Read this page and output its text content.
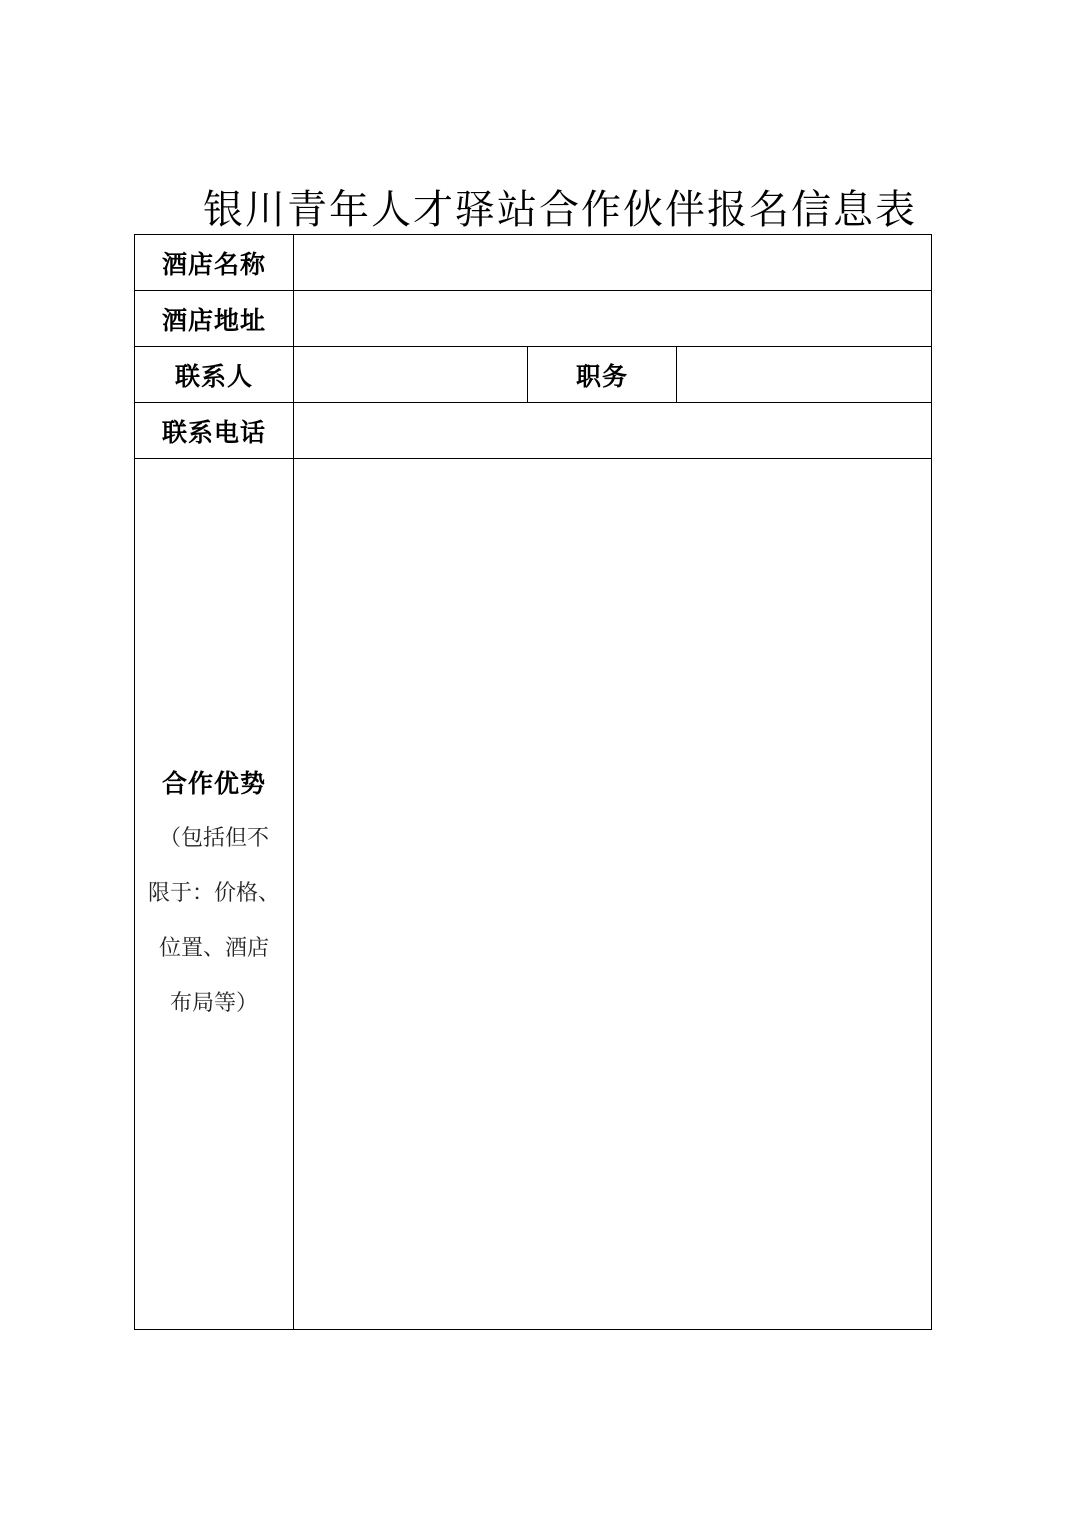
银川青年人才驿站合作伙伴报名信息表
酒店名称			
酒店地址			
联系人		职务	
联系电话			

合作优势
（包括但不
限于：价格、
位置、酒店
布局等）			
